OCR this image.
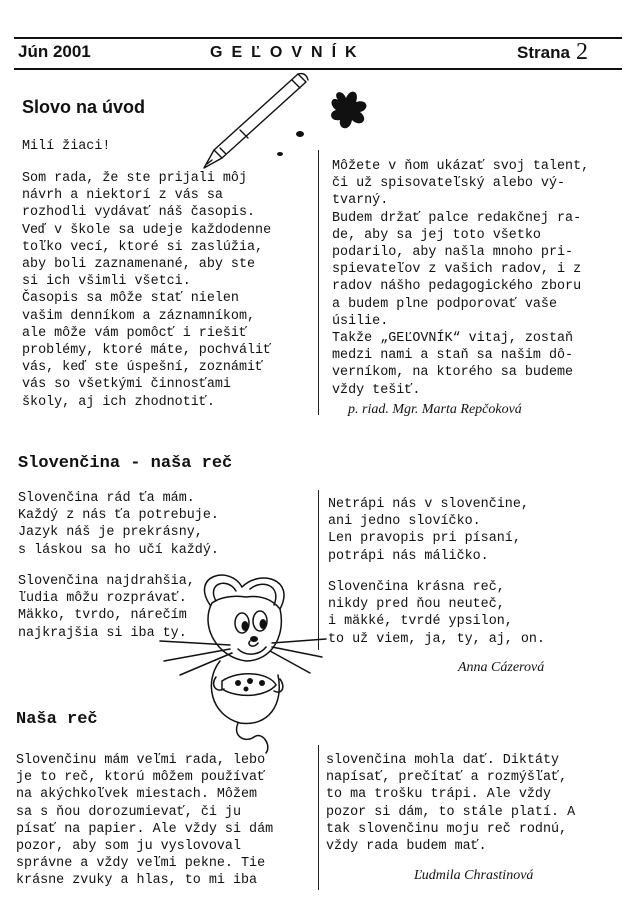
Jún 2001	GEĽOVNÍK	Strana 2
Slovo na úvod
Milí žiaci!
Som rada, že ste prijali môj
návrh a niektorí z vás sa
rozhodli vydávať náš časopis.
Veď v škole sa udeje každodenne
toľko vecí, ktoré si zaslúžia,
aby boli zaznamenané, aby ste
si ich všimli všetci.
Časopis sa môže stať nielen
vašim denníkom a záznamníkom,
ale môže vám pomôcť i riešiť
problémy, ktoré máte, pochváliť
vás, keď ste úspešní, zoznámiť
vás so všetkými činnosťami
školy, aj ich zhodnotiť.
Môžete v ňom ukázať svoj talent,
či už spisovateľský alebo vý-
tvarný.
Budem držať palce redakčnej ra-
de, aby sa jej toto všetko
podarilo, aby našla mnoho pri-
spievateľov z vašich radov, i z
radov nášho pedagogického zboru
a budem plne podporovať vaše
úsilie.
Takže „GEĽOVNÍK“ vitaj, zostaň
medzi nami a staň sa našim dô-
verníkom, na ktorého sa budeme
vždy tešiť.
p. riad. Mgr. Marta Repčoková
Slovenčina - naša reč
Slovenčina rád ťa mám.
Každý z nás ťa potrebuje.
Jazyk náš je prekrásny,
s láskou sa ho učí každý.
Slovenčina najdrahšia,
ľudia môžu rozprávať.
Mäkko, tvrdo, nárečím
najkrajšia si iba ty.
Netrápi nás v slovenčine,
ani jedno slovíčko.
Len pravopis pri písaní,
potrápi nás máličko.
Slovenčina krásna reč,
nikdy pred ňou neuteč,
i mäkké, tvrdé ypsilon,
to už viem, ja, ty, aj, on.
Anna Cázerová
Naša reč
Slovenčinu mám veľmi rada, lebo
je to reč, ktorú môžem používať
na akýchkoľvek miestach. Môžem
sa s ňou dorozumievať, či ju
písať na papier. Ale vždy si dám
pozor, aby som ju vyslovoval
správne a vždy veľmi pekne. Tie
krásne zvuky a hlas, to mi iba
slovenčina mohla dať. Diktáty
napísať, prečítať a rozmýšľať,
to ma trošku trápi. Ale vždy
pozor si dám, to stále platí. A
tak slovenčinu moju reč rodnú,
vždy rada budem mať.
Ľudmila Chrastinová
